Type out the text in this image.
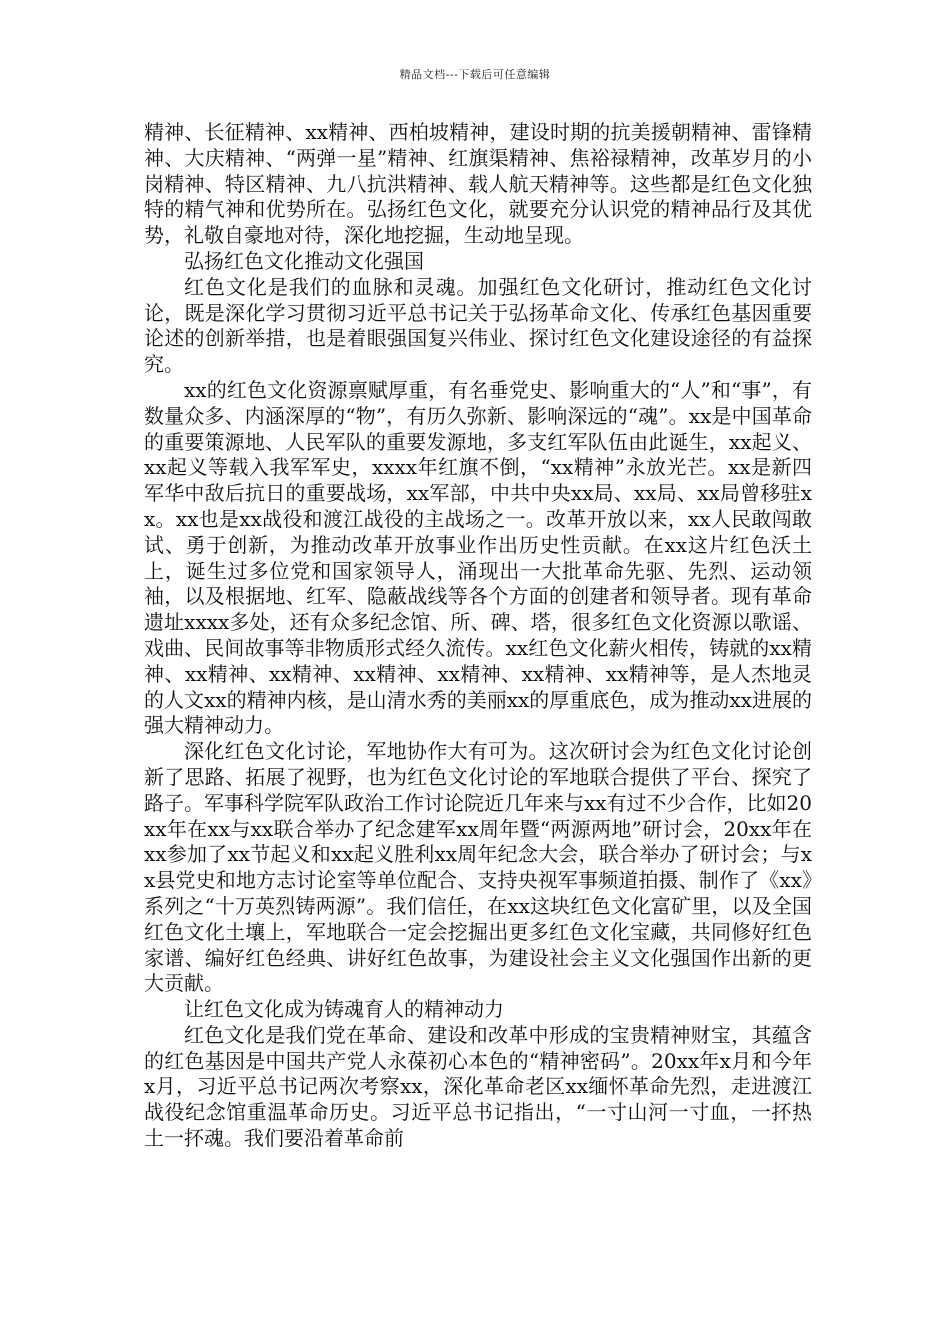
精品文档---下载后可任意编辑

精神、长征精神、xx精神、西柏坡精神，建设时期的抗美援朝精神、雷锋精神、大庆精神、“两弹一星”精神、红旗渠精神、焦裕禄精神，改革岁月的小岗精神、特区精神、九八抗洪精神、载人航天精神等。这些都是红色文化独特的精气神和优势所在。弘扬红色文化，就要充分认识党的精神品行及其优势，礼敬自豪地对待，深化地挖掘，生动地呈现。

弘扬红色文化推动文化强国

红色文化是我们的血脉和灵魂。加强红色文化研讨，推动红色文化讨论，既是深化学习贯彻习近平总书记关于弘扬革命文化、传承红色基因重要论述的创新举措，也是着眼强国复兴伟业、探讨红色文化建设途径的有益探究。

xx的红色文化资源禀赋厚重，有名垂党史、影响重大的“人”和“事”，有数量众多、内涵深厚的“物”，有历久弥新、影响深远的“魂”。xx是中国革命的重要策源地、人民军队的重要发源地，多支红军队伍由此诞生，xx起义、xx起义等载入我军军史，xxxx年红旗不倒，“xx精神”永放光芒。xx是新四军华中敌后抗日的重要战场，xx军部，中共中央xx局、xx局、xx局曾移驻xx。xx也是xx战役和渡江战役的主战场之一。改革开放以来，xx人民敢闯敢试、勇于创新，为推动改革开放事业作出历史性贡献。在xx这片红色沃土上，诞生过多位党和国家领导人，涌现出一大批革命先驱、先烈、运动领袖，以及根据地、红军、隐蔽战线等各个方面的创建者和领导者。现有革命遗址xxxx多处，还有众多纪念馆、所、碑、塔，很多红色文化资源以歌谣、戏曲、民间故事等非物质形式经久流传。xx红色文化薪火相传，铸就的xx精神、xx精神、xx精神、xx精神、xx精神、xx精神、xx精神等，是人杰地灵的人文xx的精神内核，是山清水秀的美丽xx的厚重底色，成为推动xx进展的强大精神动力。

深化红色文化讨论，军地协作大有可为。这次研讨会为红色文化讨论创新了思路、拓展了视野，也为红色文化讨论的军地联合提供了平台、探究了路子。军事科学院军队政治工作讨论院近几年来与xx有过不少合作，比如20xx年在xx与xx联合举办了纪念建军xx周年暨“两源两地”研讨会，20xx年在xx参加了xx节起义和xx起义胜利xx周年纪念大会，联合举办了研讨会；与xx县党史和地方志讨论室等单位配合、支持央视军事频道拍摄、制作了《xx》系列之“十万英烈铸两源”。我们信任，在xx这块红色文化富矿里，以及全国红色文化土壤上，军地联合一定会挖掘出更多红色文化宝藏，共同修好红色家谱、编好红色经典、讲好红色故事，为建设社会主义文化强国作出新的更大贡献。

让红色文化成为铸魂育人的精神动力

红色文化是我们党在革命、建设和改革中形成的宝贵精神财宝，其蕴含的红色基因是中国共产党人永葆初心本色的“精神密码”。20xx年x月和今年x月，习近平总书记两次考察xx，深化革命老区xx缅怀革命先烈，走进渡江战役纪念馆重温革命历史。习近平总书记指出，“一寸山河一寸血，一抔热土一抔魂。我们要沿着革命前
